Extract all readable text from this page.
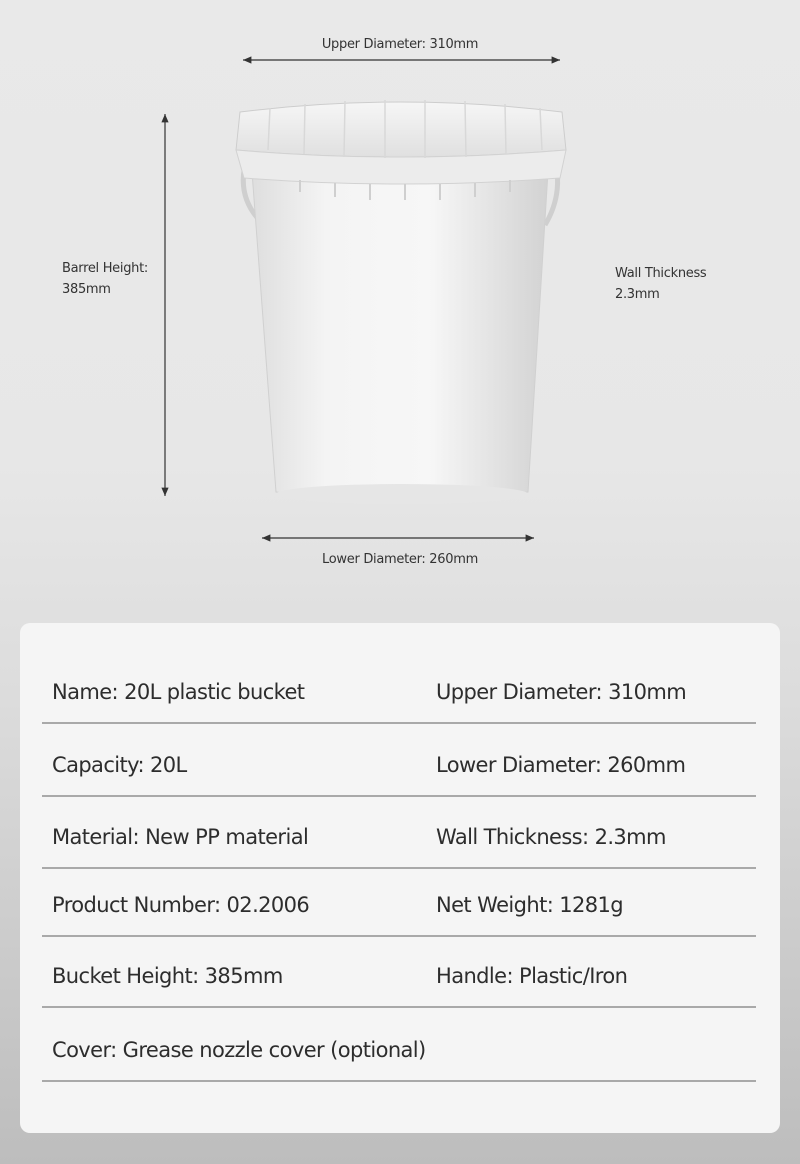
Upper Diameter: 310mm
Lower Diameter: 260mm
Barrel Height:
385mm
Wall Thickness
2.3mm
Name: 20L plastic bucket	Upper Diameter: 310mm
Capacity: 20L	Lower Diameter: 260mm
Material: New PP material	Wall Thickness: 2.3mm
Product Number: 02.2006	Net Weight: 1281g
Bucket Height: 385mm	Handle: Plastic/Iron
Cover: Grease nozzle cover (optional)
